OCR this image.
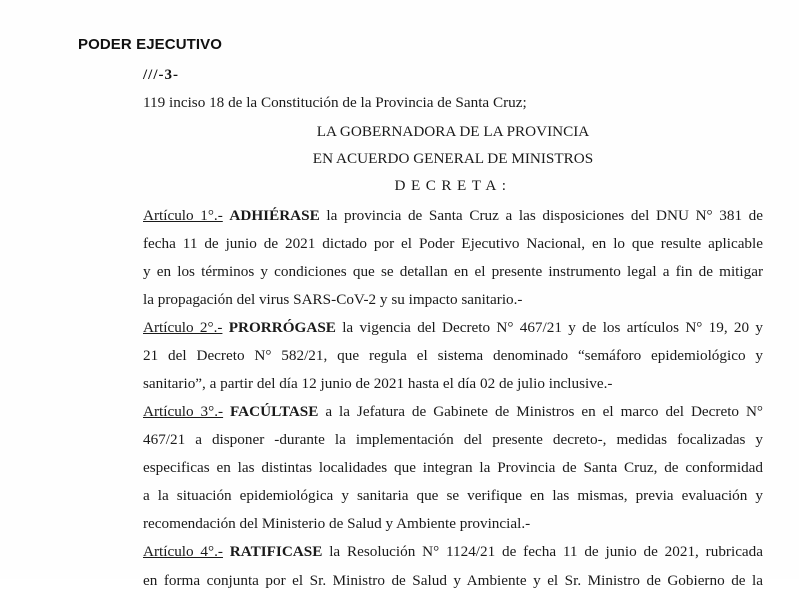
PODER EJECUTIVO
///-3-
119 inciso 18 de la Constitución de la Provincia de Santa Cruz;
LA GOBERNADORA DE LA PROVINCIA
EN ACUERDO GENERAL DE MINISTROS
DECRETA:
Artículo 1°.- ADHIÉRASE la provincia de Santa Cruz a las disposiciones del DNU N° 381 de
fecha 11 de junio de 2021 dictado por el Poder Ejecutivo Nacional, en lo que resulte aplicable
y en los términos y condiciones que se detallan en el presente instrumento legal a fin de mitigar
la propagación del virus SARS-CoV-2 y su impacto sanitario.-
Artículo 2°.- PRORRÓGASE la vigencia del Decreto N° 467/21 y de los artículos N° 19, 20 y
21 del Decreto N° 582/21, que regula el sistema denominado “semáforo epidemiológico y
sanitario”, a partir del día 12 junio de 2021 hasta el día 02 de julio inclusive.-
Artículo 3°.- FACÚLTASE a la Jefatura de Gabinete de Ministros en el marco del Decreto N°
467/21 a disponer -durante la implementación del presente decreto-, medidas focalizadas y
especificas en las distintas localidades que integran la Provincia de Santa Cruz, de conformidad
a la situación epidemiológica y sanitaria que se verifique en las mismas, previa evaluación y
recomendación del Ministerio de Salud y Ambiente provincial.-
Artículo 4°.- RATIFICASE la Resolución N° 1124/21 de fecha 11 de junio de 2021, rubricada
en forma conjunta por el Sr. Ministro de Salud y Ambiente y el Sr. Ministro de Gobierno de la
